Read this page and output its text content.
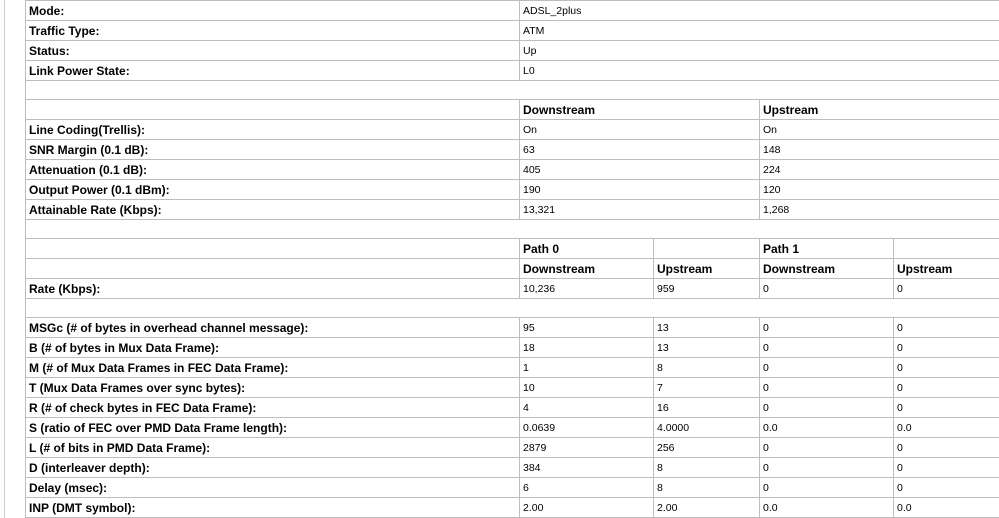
Mode:	ADSL_2plus			
Traffic Type:	ATM			
Status:	Up			
Link Power State:	L0			

	Downstream		Upstream	
Line Coding(Trellis):	On		On	
SNR Margin (0.1 dB):	63		148	
Attenuation (0.1 dB):	405		224	
Output Power (0.1 dBm):	190		120	
Attainable Rate (Kbps):	13,321		1,268	

	Path 0		Path 1	
	Downstream	Upstream	Downstream	Upstream
Rate (Kbps):	10,236	959	0	0

MSGc (# of bytes in overhead channel message):	95	13	0	0
B (# of bytes in Mux Data Frame):	18	13	0	0
M (# of Mux Data Frames in FEC Data Frame):	1	8	0	0
T (Mux Data Frames over sync bytes):	10	7	0	0
R (# of check bytes in FEC Data Frame):	4	16	0	0
S (ratio of FEC over PMD Data Frame length):	0.0639	4.0000	0.0	0.0
L (# of bits in PMD Data Frame):	2879	256	0	0
D (interleaver depth):	384	8	0	0
Delay (msec):	6	8	0	0
INP (DMT symbol):	2.00	2.00	0.0	0.0
